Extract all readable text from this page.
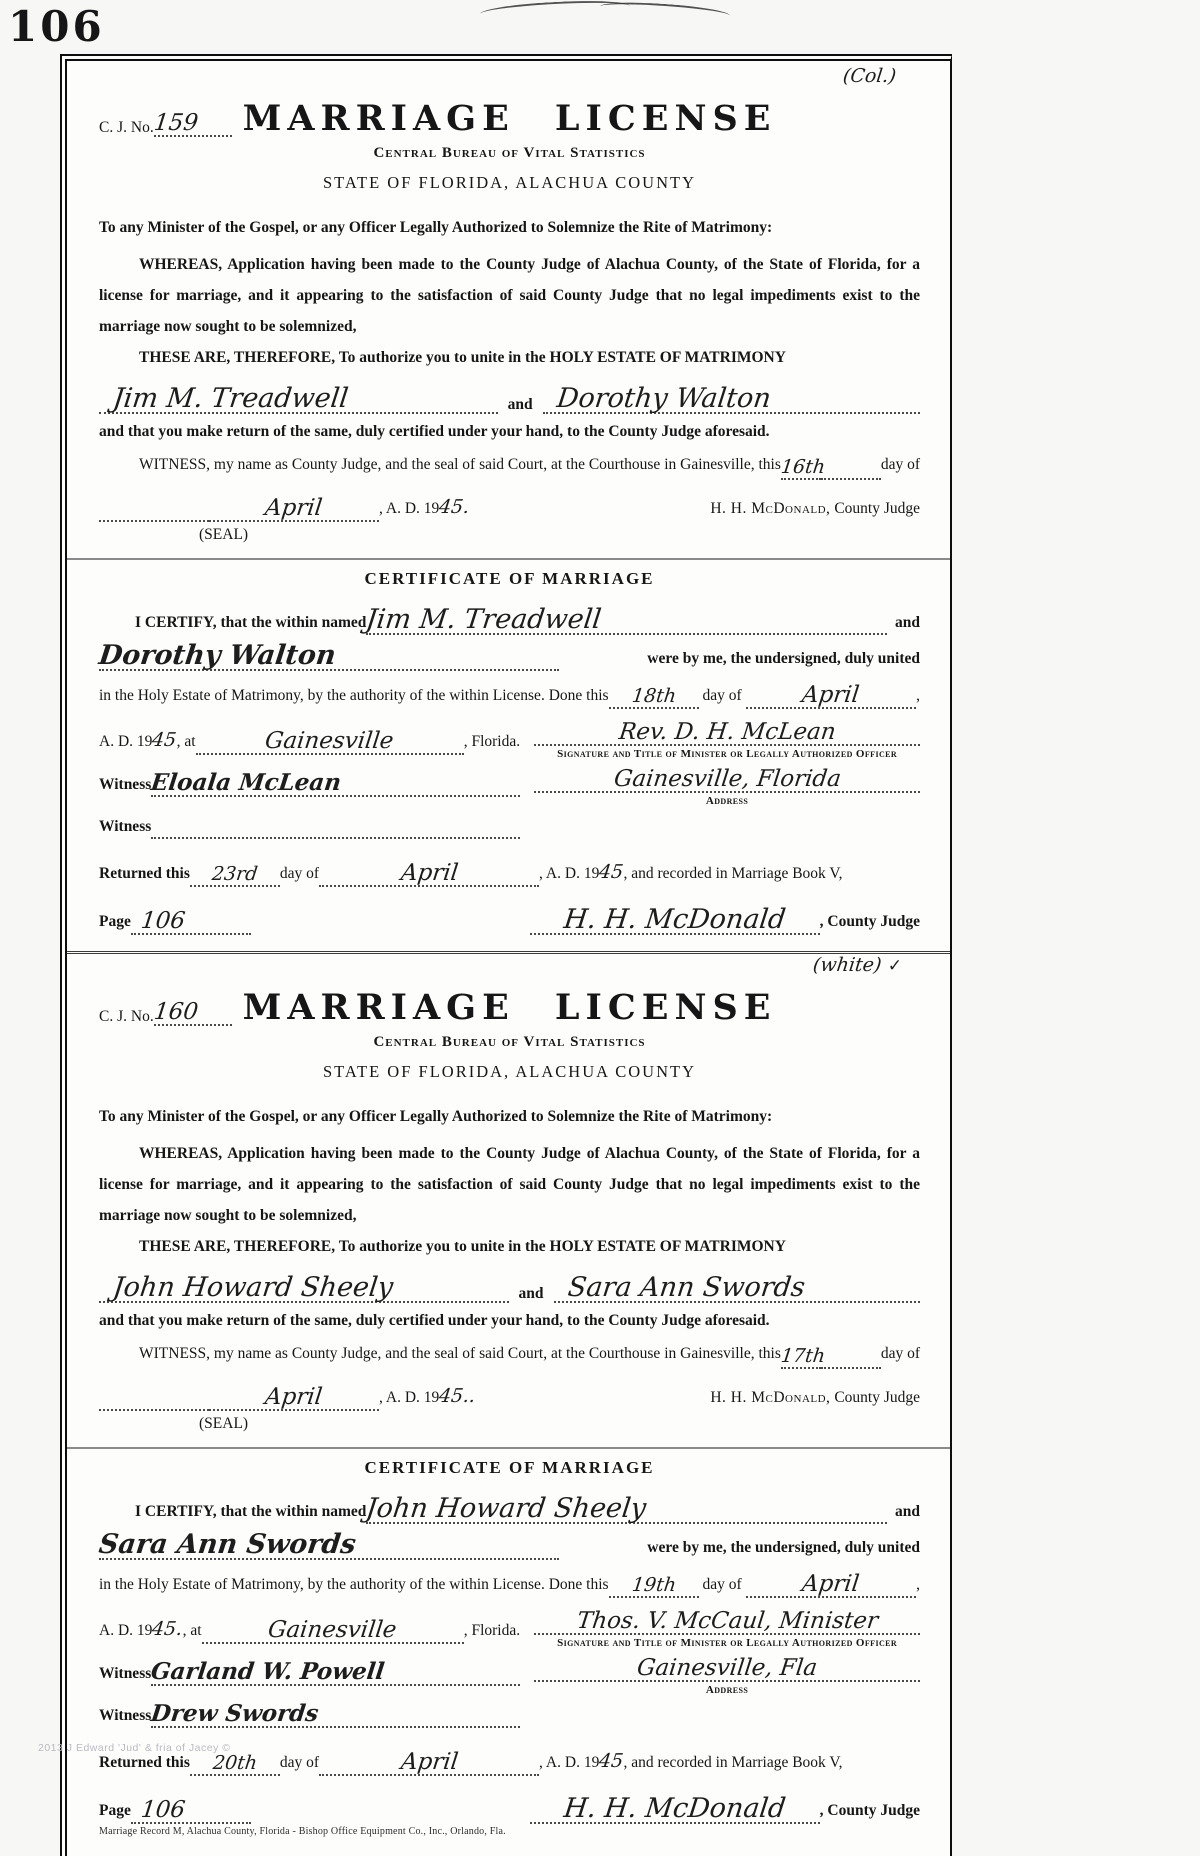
106
2013 J Edward 'Jud' & fria of Jacey ©
(Col.)
C. J. No.
159	MARRIAGE LICENSE
Central Bureau of Vital Statistics
STATE OF FLORIDA, ALACHUA COUNTY

To any Minister of the Gospel, or any Officer Legally Authorized to Solemnize the Rite of Matrimony:

WHEREAS, Application having been made to the County Judge of Alachua County, of the State of Florida, for a license for marriage, and it appearing to the satisfaction of said County Judge that no legal impediments exist to the marriage now sought to be solemnized,

THESE ARE, THEREFORE, To authorize you to unite in the HOLY ESTATE OF MATRIMONY

Jim M. Treadwell	and Dorothy Walton

and that you make return of the same, duly certified under your hand, to the County Judge aforesaid.

WITNESS, my name as County Judge, and the seal of said Court, at the Courthouse in Gainesville, this
16th	day of
April	, A. D. 1945.	H. H. McDonald, County Judge
(SEAL)
CERTIFICATE OF MARRIAGE
I CERTIFY, that the within named
Jim M. Treadwell	and
Dorothy Walton	were by me, the undersigned, duly united
in the Holy Estate of Matrimony, by the authority of the within License. Done this	18th	day of	April	,
A. D. 1945, at	Gainesville	, Florida.
Witness
Eloala McLean
Witness
Rev. D. H. McLean
Signature and Title of Minister or Legally Authorized Officer
Gainesville, Florida
Address
Returned this	23rd	day of	April	, A. D. 1945, and recorded in Marriage Book V,
Page 106	H. H. McDonald	, County Judge
(white) ✓
C. J. No.
160	MARRIAGE LICENSE
Central Bureau of Vital Statistics
STATE OF FLORIDA, ALACHUA COUNTY

To any Minister of the Gospel, or any Officer Legally Authorized to Solemnize the Rite of Matrimony:

WHEREAS, Application having been made to the County Judge of Alachua County, of the State of Florida, for a license for marriage, and it appearing to the satisfaction of said County Judge that no legal impediments exist to the marriage now sought to be solemnized,

THESE ARE, THEREFORE, To authorize you to unite in the HOLY ESTATE OF MATRIMONY

John Howard Sheely	and Sara Ann Swords

and that you make return of the same, duly certified under your hand, to the County Judge aforesaid.

WITNESS, my name as County Judge, and the seal of said Court, at the Courthouse in Gainesville, this
17th	day of
April	, A. D. 1945..	H. H. McDonald, County Judge
(SEAL)
CERTIFICATE OF MARRIAGE
I CERTIFY, that the within named
John Howard Sheely	and
Sara Ann Swords	were by me, the undersigned, duly united
in the Holy Estate of Matrimony, by the authority of the within License. Done this	19th	day of	April	,
A. D. 1945., at	Gainesville	, Florida.
Witness
Garland W. Powell
Witness
Drew Swords
Thos. V. McCaul, Minister
Signature and Title of Minister or Legally Authorized Officer
Gainesville, Fla
Address
Returned this	20th	day of	April	, A. D. 1945, and recorded in Marriage Book V,
Page 106	H. H. McDonald	, County Judge
Marriage Record M, Alachua County, Florida - Bishop Office Equipment Co., Inc., Orlando, Fla.
